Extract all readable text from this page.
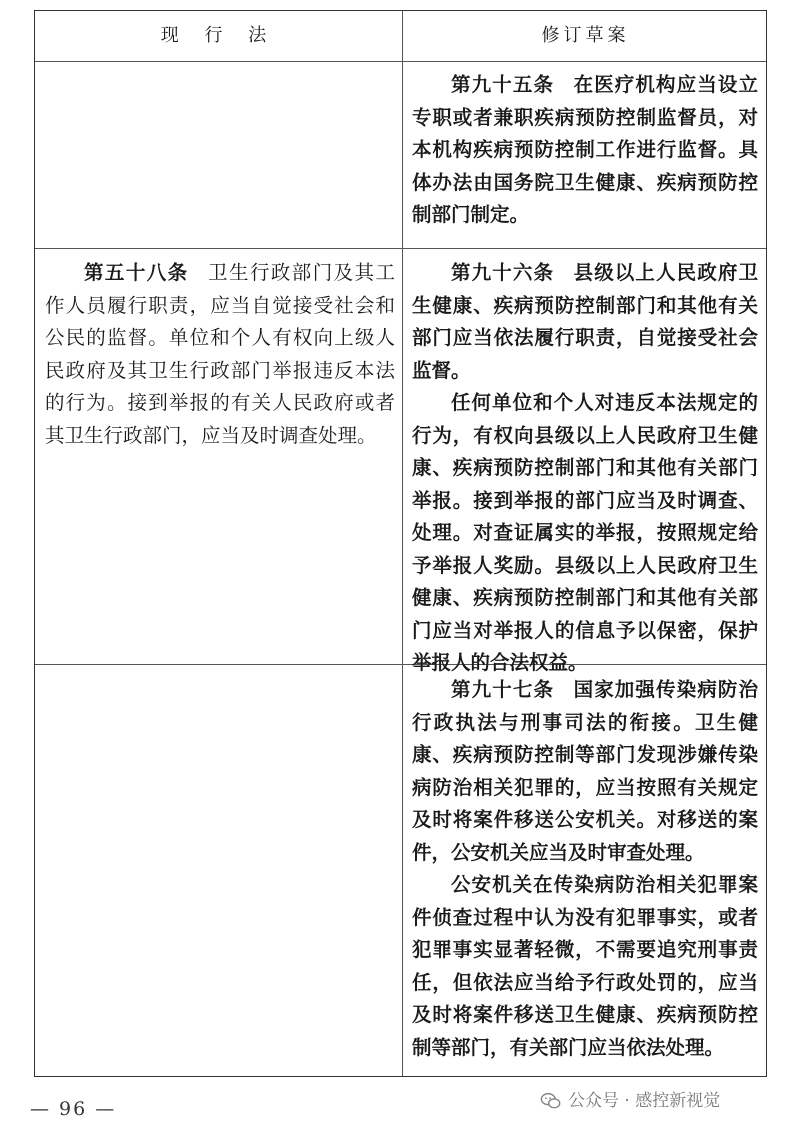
现 行 法	修订草案

第九十五条 在医疗机构应当设立专职或者兼职疾病预防控制监督员，对本机构疾病预防控制工作进行监督。具体办法由国务院卫生健康、疾病预防控制部门制定。

第五十八条 卫生行政部门及其工作人员履行职责，应当自觉接受社会和公民的监督。单位和个人有权向上级人民政府及其卫生行政部门举报违反本法的行为。接到举报的有关人民政府或者其卫生行政部门，应当及时调查处理。

第九十六条 县级以上人民政府卫生健康、疾病预防控制部门和其他有关部门应当依法履行职责，自觉接受社会监督。

任何单位和个人对违反本法规定的行为，有权向县级以上人民政府卫生健康、疾病预防控制部门和其他有关部门举报。接到举报的部门应当及时调查、处理。对查证属实的举报，按照规定给予举报人奖励。县级以上人民政府卫生健康、疾病预防控制部门和其他有关部门应当对举报人的信息予以保密，保护举报人的合法权益。

第九十七条 国家加强传染病防治行政执法与刑事司法的衔接。卫生健康、疾病预防控制等部门发现涉嫌传染病防治相关犯罪的，应当按照有关规定及时将案件移送公安机关。对移送的案件，公安机关应当及时审查处理。

公安机关在传染病防治相关犯罪案件侦查过程中认为没有犯罪事实，或者犯罪事实显著轻微，不需要追究刑事责任，但依法应当给予行政处罚的，应当及时将案件移送卫生健康、疾病预防控制等部门，有关部门应当依法处理。

— 96 —	公众号 · 感控新视觉
